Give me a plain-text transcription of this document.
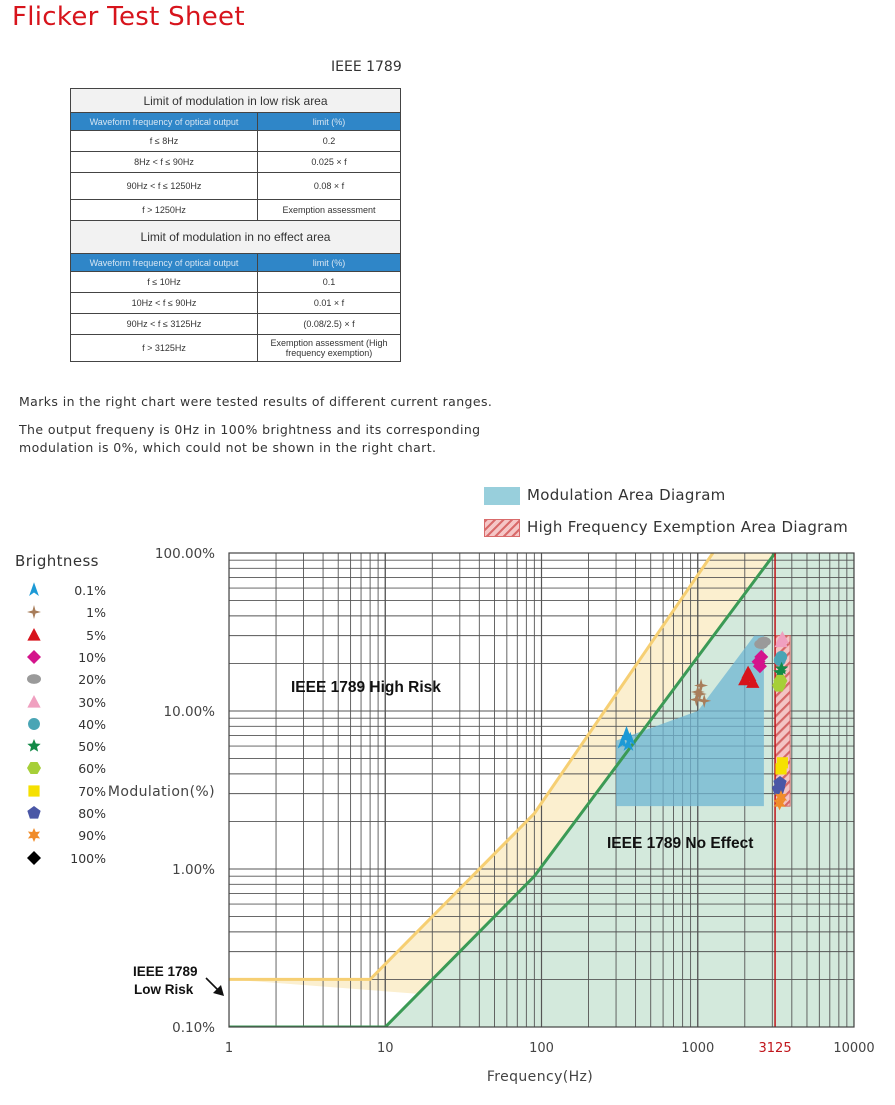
Flicker Test Sheet
IEEE 1789
Limit of modulation in low risk area	
Waveform frequency of optical output	limit (%)
f ≤ 8Hz	0.2
8Hz < f ≤ 90Hz	0.025 × f
90Hz < f ≤ 1250Hz	0.08 × f
f > 1250Hz	Exemption assessment
Limit of modulation in no effect area	
Waveform frequency of optical output	limit (%)
f ≤ 10Hz	0.1
10Hz < f ≤ 90Hz	0.01 × f
90Hz < f ≤ 3125Hz	(0.08/2.5) × f
f > 3125Hz	Exemption assessment (High frequency exemption)
Marks in the right chart were tested results of different current ranges.
The output frequeny is 0Hz in 100% brightness and its corresponding
modulation is 0%, which could not be shown in the right chart.
Modulation Area Diagram
High Frequency Exemption Area Diagram
Brightness
0.1%
1%
5%
10%
20%
30%
40%
50%
60%
70%
80%
90%
100%
IEEE 1789 High Risk
IEEE 1789 No Effect
IEEE 1789
Low Risk
1	10	100	1000	3125	10000
0.10%
1.00%
10.00%
100.00%
Frequency(Hz)
Modulation(%)
